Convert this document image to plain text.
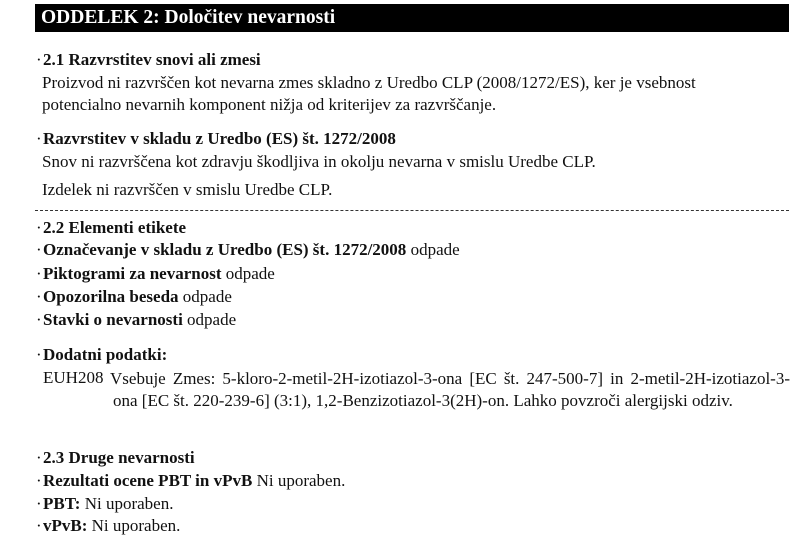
ODDELEK 2: Določitev nevarnosti
·2.1 Razvrstitev snovi ali zmesi
Proizvod ni razvrščen kot nevarna zmes skladno z Uredbo CLP (2008/1272/ES), ker je vsebnost
potencialno nevarnih komponent nižja od kriterijev za razvrščanje.
·Razvrstitev v skladu z Uredbo (ES) št. 1272/2008
Snov ni razvrščena kot zdravju škodljiva in okolju nevarna v smislu Uredbe CLP.
Izdelek ni razvrščen v smislu Uredbe CLP.
·2.2 Elementi etikete
·Označevanje v skladu z Uredbo (ES) št. 1272/2008 odpade
·Piktogrami za nevarnost odpade
·Opozorilna beseda odpade
·Stavki o nevarnosti odpade
·Dodatni podatki:
EUH208 Vsebuje Zmes: 5-kloro-2-metil-2H-izotiazol-3-ona [EC št. 247-500-7] in 2-metil-2H-izotiazol-3-ona [EC št. 220-239-6] (3:1), 1,2-Benzizotiazol-3(2H)-on. Lahko povzroči alergijski odziv.
·2.3 Druge nevarnosti
·Rezultati ocene PBT in vPvB Ni uporaben.
·PBT: Ni uporaben.
·vPvB: Ni uporaben.
